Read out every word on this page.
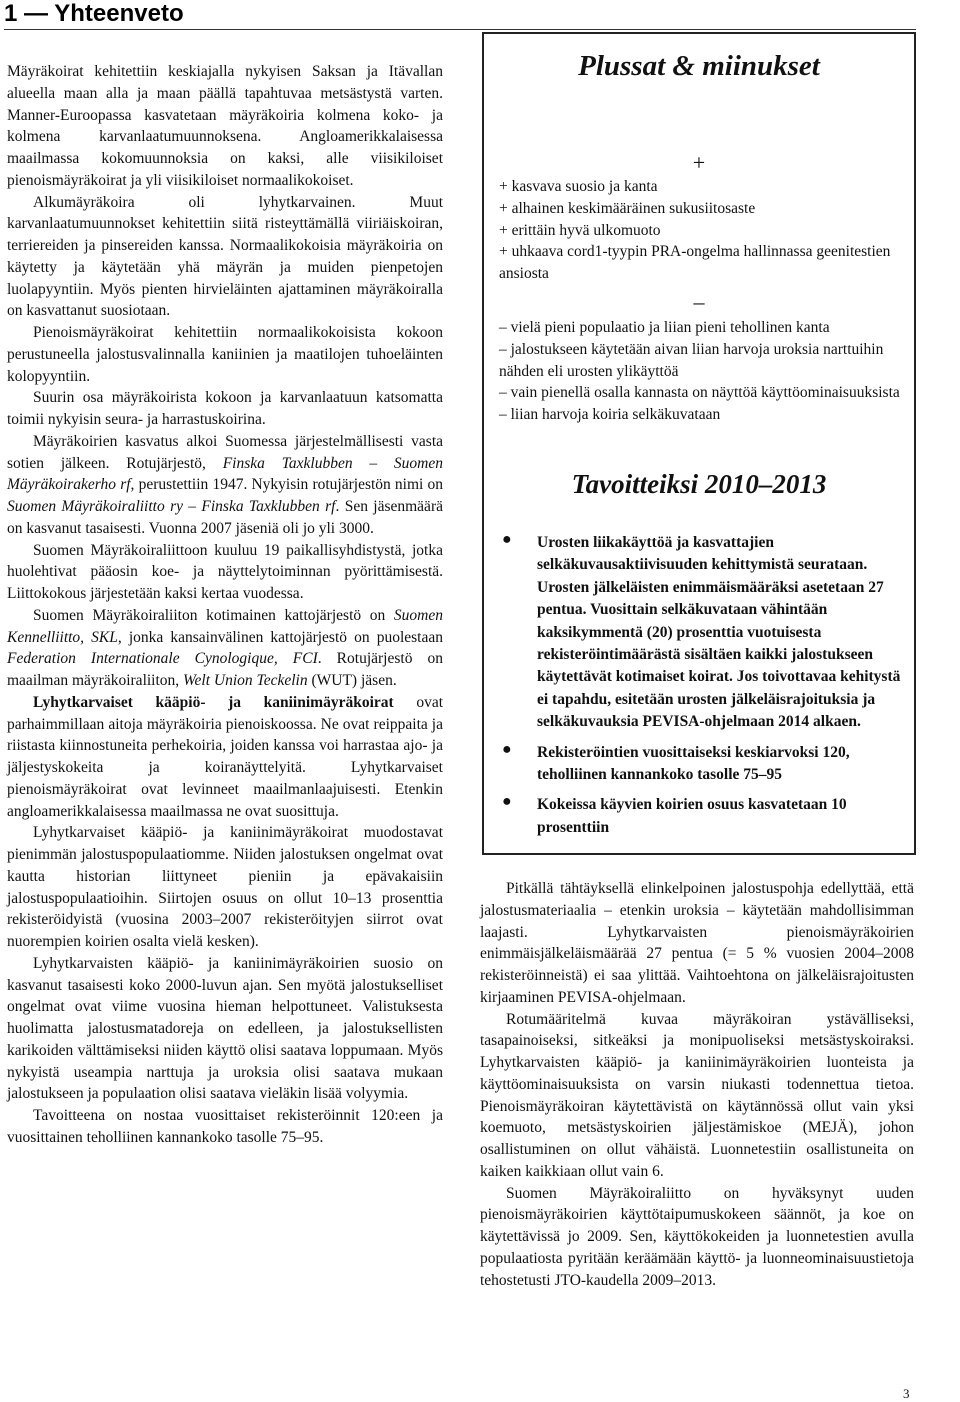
1 — Yhteenveto

Mäyräkoirat kehitettiin keskiajalla nykyisen Saksan ja Itävallan alueella maan alla ja maan päällä tapahtuvaa metsästystä varten. Manner-Euroopassa kasvatetaan mäyräkoiria kolmena koko- ja kolmena karvanlaatumuunnoksena. Angloamerikkalaisessa maailmassa kokomuunnoksia on kaksi, alle viisikiloiset pienoismäyräkoirat ja yli viisikiloiset normaalikokoiset.

Alkumäyräkoira oli lyhytkarvainen. Muut karvanlaatumuunnokset kehitettiin siitä risteyttämällä viiriäiskoiran, terriereiden ja pinsereiden kanssa. Normaalikokoisia mäyräkoiria on käytetty ja käytetään yhä mäyrän ja muiden pienpetojen luolapyyntiin. Myös pienten hirvieläinten ajattaminen mäyräkoiralla on kasvattanut suosiotaan.

Pienoismäyräkoirat kehitettiin normaalikokoisista kokoon perustuneella jalostusvalinnalla kaniinien ja maatilojen tuhoeläinten kolopyyntiin.

Suurin osa mäyräkoirista kokoon ja karvanlaatuun katsomatta toimii nykyisin seura- ja harrastuskoirina.

Mäyräkoirien kasvatus alkoi Suomessa järjestelmällisesti vasta sotien jälkeen. Rotujärjestö, Finska Taxklubben – Suomen Mäyräkoirakerho rf, perustettiin 1947. Nykyisin rotujärjestön nimi on Suomen Mäyräkoiraliitto ry – Finska Taxklubben rf. Sen jäsenmäärä on kasvanut tasaisesti. Vuonna 2007 jäseniä oli jo yli 3000.

Suomen Mäyräkoiraliittoon kuuluu 19 paikallisyhdistystä, jotka huolehtivat pääosin koe- ja näyttelytoiminnan pyörittämisestä. Liittokokous järjestetään kaksi kertaa vuodessa.

Suomen Mäyräkoiraliiton kotimainen kattojärjestö on Suomen Kennelliitto, SKL, jonka kansainvälinen kattojärjestö on puolestaan Federation Internationale Cynologique, FCI. Rotujärjestö on maailman mäyräkoiraliiton, Welt Union Teckelin (WUT) jäsen.

Lyhytkarvaiset kääpiö- ja kaniinimäyräkoirat ovat parhaimmillaan aitoja mäyräkoiria pienoiskoossa. Ne ovat reippaita ja riistasta kiinnostuneita perhekoiria, joiden kanssa voi harrastaa ajo- ja jäljestyskokeita ja koiranäyttelyitä. Lyhytkarvaiset pienoismäyräkoirat ovat levinneet maailmanlaajuisesti. Etenkin angloamerikkalaisessa maailmassa ne ovat suosittuja.

Lyhytkarvaiset kääpiö- ja kaniinimäyräkoirat muodostavat pienimmän jalostuspopulaatiomme. Niiden jalostuksen ongelmat ovat kautta historian liittyneet pieniin ja epävakaisiin jalostuspopulaatioihin. Siirtojen osuus on ollut 10–13 prosenttia rekisteröidyistä (vuosina 2003–2007 rekisteröityjen siirrot ovat nuorempien koirien osalta vielä kesken).

Lyhytkarvaisten kääpiö- ja kaniinimäyräkoirien suosio on kasvanut tasaisesti koko 2000-luvun ajan. Sen myötä jalostukselliset ongelmat ovat viime vuosina hieman helpottuneet. Valistuksesta huolimatta jalostusmatadoreja on edelleen, ja jalostuksellisten karikoiden välttämiseksi niiden käyttö olisi saatava loppumaan. Myös nykyistä useampia narttuja ja uroksia olisi saatava mukaan jalostukseen ja populaation olisi saatava vieläkin lisää volyymia.

Tavoitteena on nostaa vuosittaiset rekisteröinnit 120:een ja vuosittainen teholliinen kannankoko tasolle 75–95.

Plussat & miinukset
+
+ kasvava suosio ja kanta
+ alhainen keskimääräinen sukusiitosaste
+ erittäin hyvä ulkomuoto
+ uhkaava cord1-tyypin PRA-ongelma hallinnassa geenitestien ansiosta
–
– vielä pieni populaatio ja liian pieni tehollinen kanta
– jalostukseen käytetään aivan liian harvoja uroksia narttuihin nähden eli urosten ylikäyttöä
– vain pienellä osalla kannasta on näyttöä käyttöominaisuuksista
– liian harvoja koiria selkäkuvataan
Tavoitteiksi 2010–2013
● Urosten liikakäyttöä ja kasvattajien selkäkuvausaktiivisuuden kehittymistä seurataan. Urosten jälkeläisten enimmäismääräksi asetetaan 27 pentua. Vuosittain selkäkuvataan vähintään kaksikymmentä (20) prosenttia vuotuisesta rekisteröintimäärästä sisältäen kaikki jalostukseen käytettävät kotimaiset koirat. Jos toivottavaa kehitystä ei tapahdu, esitetään urosten jälkeläisrajoituksia ja selkäkuvauksia PEVISA-ohjelmaan 2014 alkaen.
● Rekisteröintien vuosittaiseksi keskiarvoksi 120, teholliinen kannankoko tasolle 75–95
● Kokeissa käyvien koirien osuus kasvatetaan 10 prosenttiin

Pitkällä tähtäyksellä elinkelpoinen jalostuspohja edellyttää, että jalostusmateriaalia – etenkin uroksia – käytetään mahdollisimman laajasti. Lyhytkarvaisten pienoismäyräkoirien enimmäisjälkeläismäärää 27 pentua (= 5 % vuosien 2004–2008 rekisteröinneistä) ei saa ylittää. Vaihtoehtona on jälkeläisrajoitusten kirjaaminen PEVISA-ohjelmaan.

Rotumääritelmä kuvaa mäyräkoiran ystävälliseksi, tasapainoiseksi, sitkeäksi ja monipuoliseksi metsästyskoiraksi. Lyhytkarvaisten kääpiö- ja kaniinimäyräkoirien luonteista ja käyttöominaisuuksista on varsin niukasti todennettua tietoa. Pienoismäyräkoiran käytettävistä on käytännössä ollut vain yksi koemuoto, metsästyskoirien jäljestämiskoe (MEJÄ), johon osallistuminen on ollut vähäistä. Luonnetestiin osallistuneita on kaiken kaikkiaan ollut vain 6.

Suomen Mäyräkoiraliitto on hyväksynyt uuden pienoismäyräkoirien käyttötaipumuskokeen säännöt, ja koe on käytettävissä jo 2009. Sen, käyttökokeiden ja luonnetestien avulla populaatiosta pyritään keräämään käyttö- ja luonneominaisuustietoja tehostetusti JTO-kaudella 2009–2013.

3
